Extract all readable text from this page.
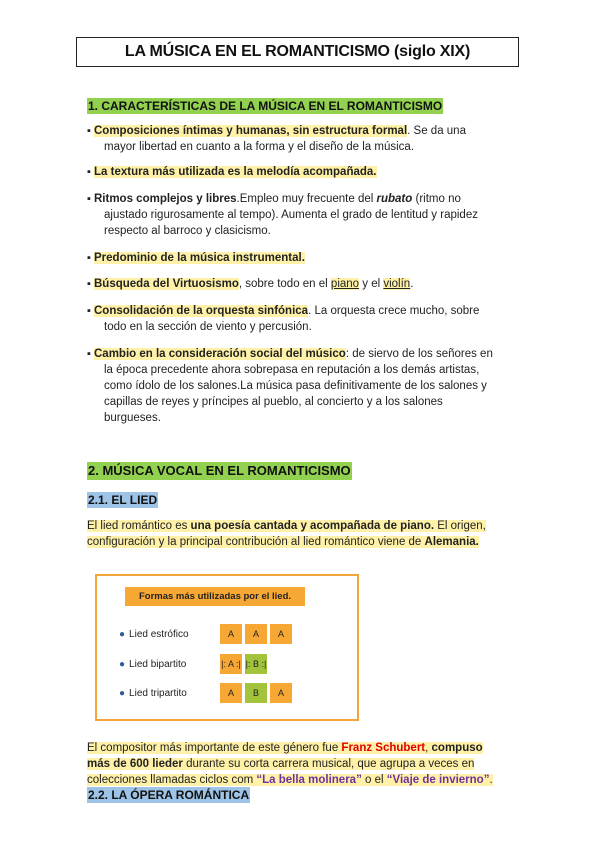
LA MÚSICA EN EL ROMANTICISMO (siglo XIX)
1. CARACTERÍSTICAS DE LA MÚSICA EN EL ROMANTICISMO
▪ Composiciones íntimas y humanas, sin estructura formal. Se da una
mayor libertad en cuanto a la forma y el diseño de la música.
▪ La textura más utilizada es la melodía acompañada.
▪ Ritmos complejos y libres.Empleo muy frecuente del rubato (ritmo no
ajustado rigurosamente al tempo). Aumenta el grado de lentitud y rapidez
respecto al barroco y clasicismo.
▪ Predominio de la música instrumental.
▪ Búsqueda del Virtuosismo, sobre todo en el piano y el violín.
▪ Consolidación de la orquesta sinfónica. La orquesta crece mucho, sobre
todo en la sección de viento y percusión.
▪ Cambio en la consideración social del músico: de siervo de los señores en
la época precedente ahora sobrepasa en reputación a los demás artistas,
como ídolo de los salones.La música pasa definitivamente de los salones y
capillas de reyes y príncipes al pueblo, al concierto y a los salones
burgueses.
2. MÚSICA VOCAL EN EL ROMANTICISMO
2.1. EL LIED
El lied romántico es una poesía cantada y acompañada de piano. El origen,
configuración y la principal contribución al lied romántico viene de Alemania.
Formas más utilizadas por el lied.
● Lied estrófico	A	A	A
● Lied bipartito	|: A :| |: B :|
● Lied tripartito	A	B	A
El compositor más importante de este género fue Franz Schubert, compuso
más de 600 lieder durante su corta carrera musical, que agrupa a veces en
colecciones llamadas ciclos com “La bella molinera” o el “Viaje de invierno”.
2.2. LA ÓPERA ROMÁNTICA
